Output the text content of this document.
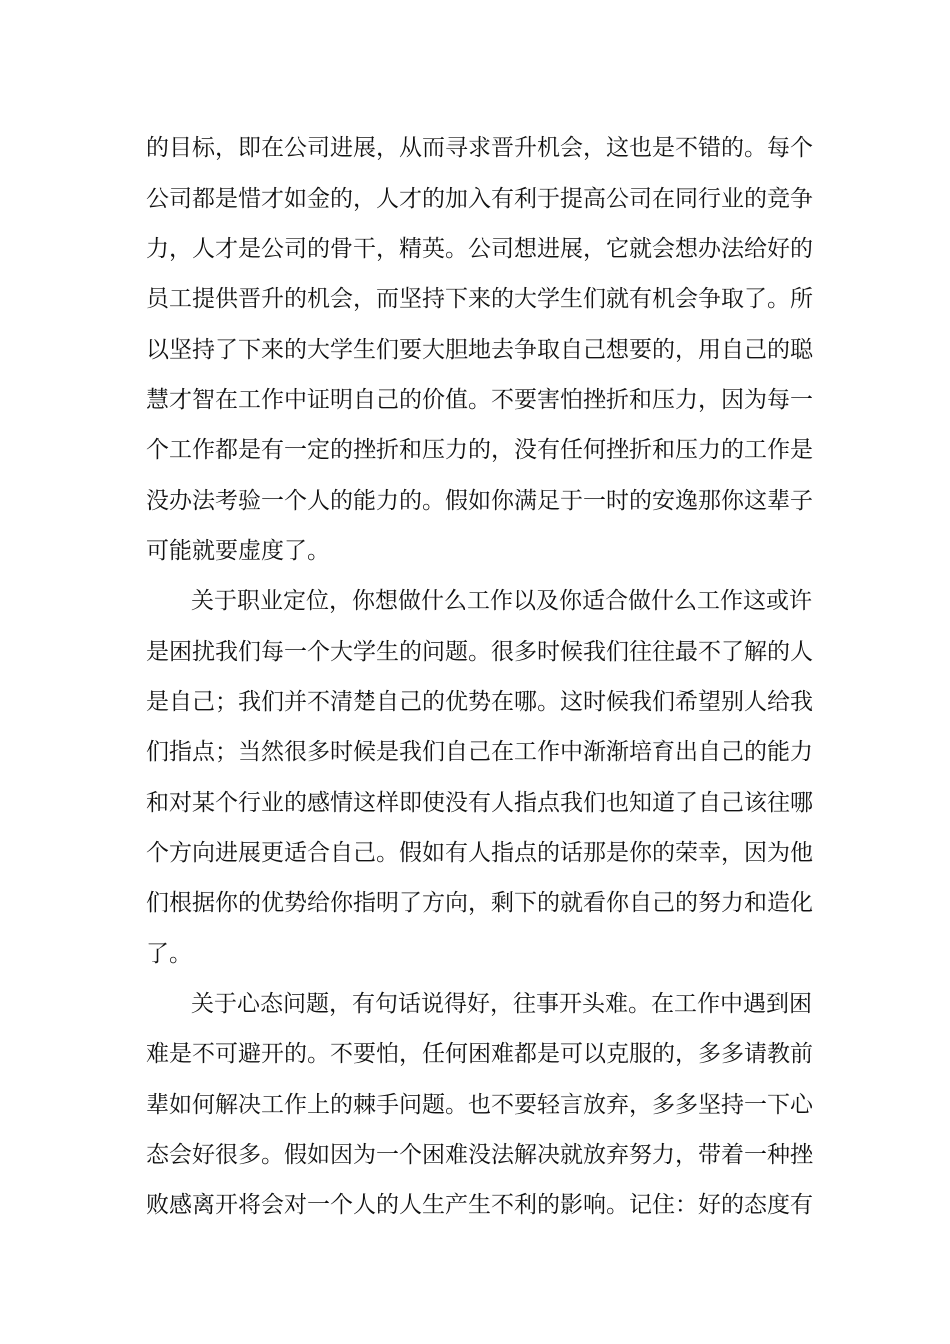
的目标，即在公司进展，从而寻求晋升机会，这也是不错的。每个
公司都是惜才如金的，人才的加入有利于提高公司在同行业的竞争
力，人才是公司的骨干，精英。公司想进展，它就会想办法给好的
员工提供晋升的机会，而坚持下来的大学生们就有机会争取了。所
以坚持了下来的大学生们要大胆地去争取自己想要的，用自己的聪
慧才智在工作中证明自己的价值。不要害怕挫折和压力，因为每一
个工作都是有一定的挫折和压力的，没有任何挫折和压力的工作是
没办法考验一个人的能力的。假如你满足于一时的安逸那你这辈子
可能就要虚度了。
关于职业定位，你想做什么工作以及你适合做什么工作这或许
是困扰我们每一个大学生的问题。很多时候我们往往最不了解的人
是自己；我们并不清楚自己的优势在哪。这时候我们希望别人给我
们指点；当然很多时候是我们自己在工作中渐渐培育出自己的能力
和对某个行业的感情这样即使没有人指点我们也知道了自己该往哪
个方向进展更适合自己。假如有人指点的话那是你的荣幸，因为他
们根据你的优势给你指明了方向，剩下的就看你自己的努力和造化
了。
关于心态问题，有句话说得好，往事开头难。在工作中遇到困
难是不可避开的。不要怕，任何困难都是可以克服的，多多请教前
辈如何解决工作上的棘手问题。也不要轻言放弃，多多坚持一下心
态会好很多。假如因为一个困难没法解决就放弃努力，带着一种挫
败感离开将会对一个人的人生产生不利的影响。记住：好的态度有
